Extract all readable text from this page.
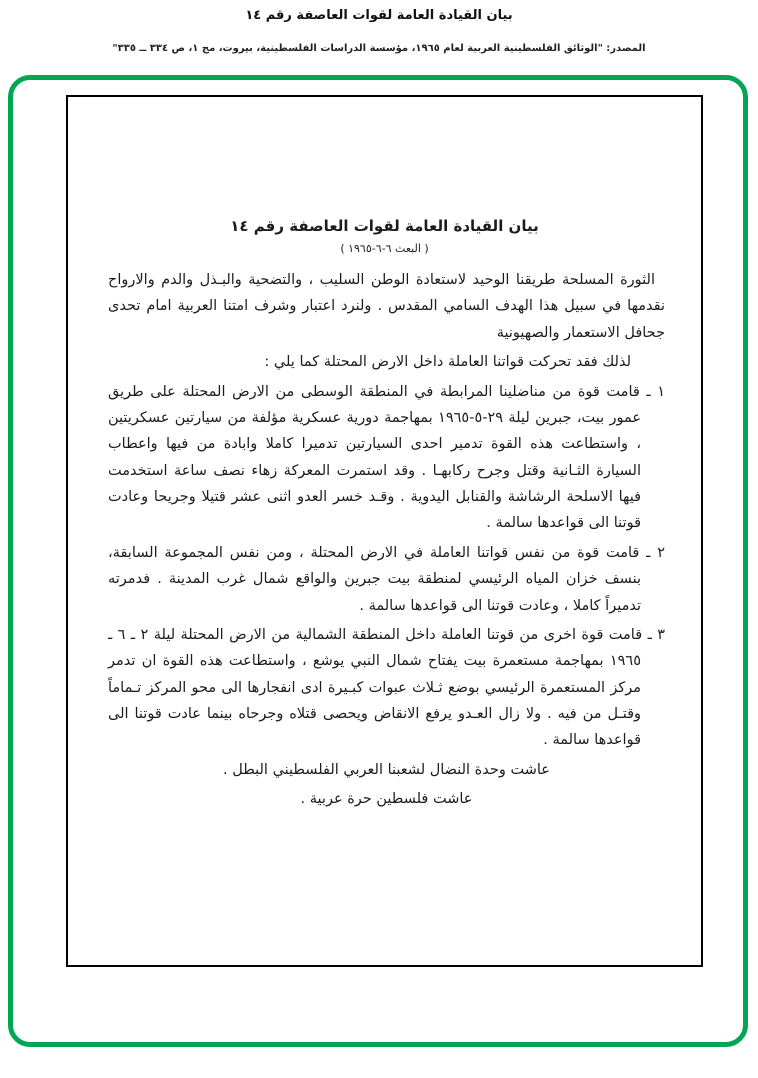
بيان القيادة العامة لقوات العاصفة رقم ١٤
المصدر: "الوثائق الفلسطينية العربية لعام ١٩٦٥، مؤسسة الدراسات الفلسطينية، بيروت، مج ١، ص ٣٣٤ ــ ٣٣٥"
بيان القيادة العامة لقوات العاصفة رقم ١٤
( البعث ٦-٦-١٩٦٥ )

الثورة المسلحة طريقنا الوحيد لاستعادة الوطن السليب ، والتضحية والبـذل والدم والارواح نقدمها في سبيل هذا الهدف السامي المقدس . ولنرد اعتبار وشرف امتنا العربية امام تحدى جحافل الاستعمار والصهيونية

لذلك فقد تحركت قواتنا العاملة داخل الارض المحتلة كما يلي :

١ ـ قامت قوة من مناضلينا المرابطة في المنطقة الوسطى من الارض المحتلة على طريق عمور بيت، جبرين ليلة ٢٩-٥-١٩٦٥ بمهاجمة دورية عسكرية مؤلفة من سيارتين عسكريتين ، واستطاعت هذه القوة تدمير احدى السيارتين تدميرا كاملا وابادة من فيها واعطاب السيارة الثـانية وقتل وجرح ركابهـا . وقد استمرت المعركة زهاء نصف ساعة استخدمت فيها الاسلحة الرشاشة والقنابل اليدوية . وقـد خسر العدو اثنى عشر قتيلا وجريحا وعادت قوتنا الى قواعدها سالمة .

٢ ـ قامت قوة من نفس قواتنا العاملة في الارض المحتلة ، ومن نفس المجموعة السابقة، بنسف خزان المياه الرئيسي لمنطقة بيت جبرين والواقع شمال غرب المدينة . فدمرته تدميراً كاملا ، وعادت قوتنا الى قواعدها سالمة .

٣ ـ قامت قوة اخرى من قوتنا العاملة داخل المنطقة الشمالية من الارض المحتلة ليلة ٢ ـ ٦ ـ ١٩٦٥ بمهاجمة مستعمرة بيت يفتاح شمال النبي يوشع ، واستطاعت هذه القوة ان تدمر مركز المستعمرة الرئيسي بوضع ثـلاث عبوات كبـيرة ادى انفجارها الى محو المركز تـماماً وقتـل من فيه . ولا زال العـدو يرفع الانقاض ويحصى قتلاه وجرحاه بينما عادت قوتنا الى قواعدها سالمة .

عاشت وحدة النضال لشعبنا العربي الفلسطيني البطل .

عاشت فلسطين حرة عربية .
